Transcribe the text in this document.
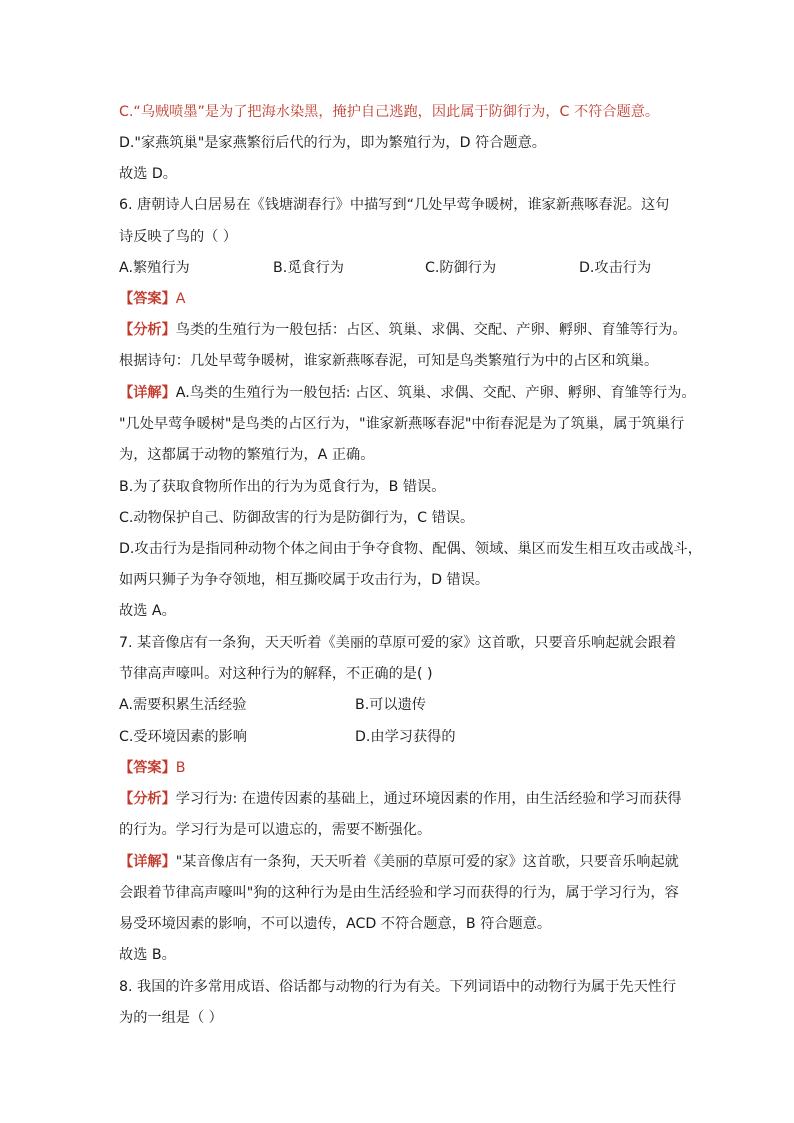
C.“乌贼喷墨”是为了把海水染黑，掩护自己逃跑，因此属于防御行为，C 不符合题意。
D."家燕筑巢"是家燕繁衍后代的行为，即为繁殖行为，D 符合题意。
故选 D。
6. 唐朝诗人白居易在《钱塘湖春行》中描写到“几处早莺争暖树，谁家新燕啄春泥。这句
诗反映了鸟的（ ）
A.繁殖行为	B.觅食行为	C.防御行为	D.攻击行为
【答案】A
【分析】鸟类的生殖行为一般包括：占区、筑巢、求偶、交配、产卵、孵卵、育雏等行为。
根据诗句：几处早莺争暖树，谁家新燕啄春泥，可知是鸟类繁殖行为中的占区和筑巢。
【详解】A.鸟类的生殖行为一般包括: 占区、筑巢、求偶、交配、产卵、孵卵、育雏等行为。
"几处早莺争暖树"是鸟类的占区行为，"谁家新燕啄春泥"中衔春泥是为了筑巢，属于筑巢行
为，这都属于动物的繁殖行为，A 正确。
B.为了获取食物所作出的行为为觅食行为，B 错误。
C.动物保护自己、防御敌害的行为是防御行为，C 错误。
D.攻击行为是指同种动物个体之间由于争夺食物、配偶、领域、巢区而发生相互攻击或战斗，
如两只狮子为争夺领地，相互撕咬属于攻击行为，D 错误。
故选 A。
7. 某音像店有一条狗，天天听着《美丽的草原可爱的家》这首歌，只要音乐响起就会跟着
节律高声嚎叫。对这种行为的解释，不正确的是( )
A.需要积累生活经验	B.可以遗传
C.受环境因素的影响	D.由学习获得的
【答案】B
【分析】学习行为: 在遗传因素的基础上，通过环境因素的作用，由生活经验和学习而获得
的行为。学习行为是可以遗忘的，需要不断强化。
【详解】"某音像店有一条狗，天天听着《美丽的草原可爱的家》这首歌，只要音乐响起就
会跟着节律高声嚎叫"狗的这种行为是由生活经验和学习而获得的行为，属于学习行为，容
易受环境因素的影响，不可以遗传，ACD 不符合题意，B 符合题意。
故选 B。
8. 我国的许多常用成语、俗话都与动物的行为有关。下列词语中的动物行为属于先天性行
为的一组是（ ）
